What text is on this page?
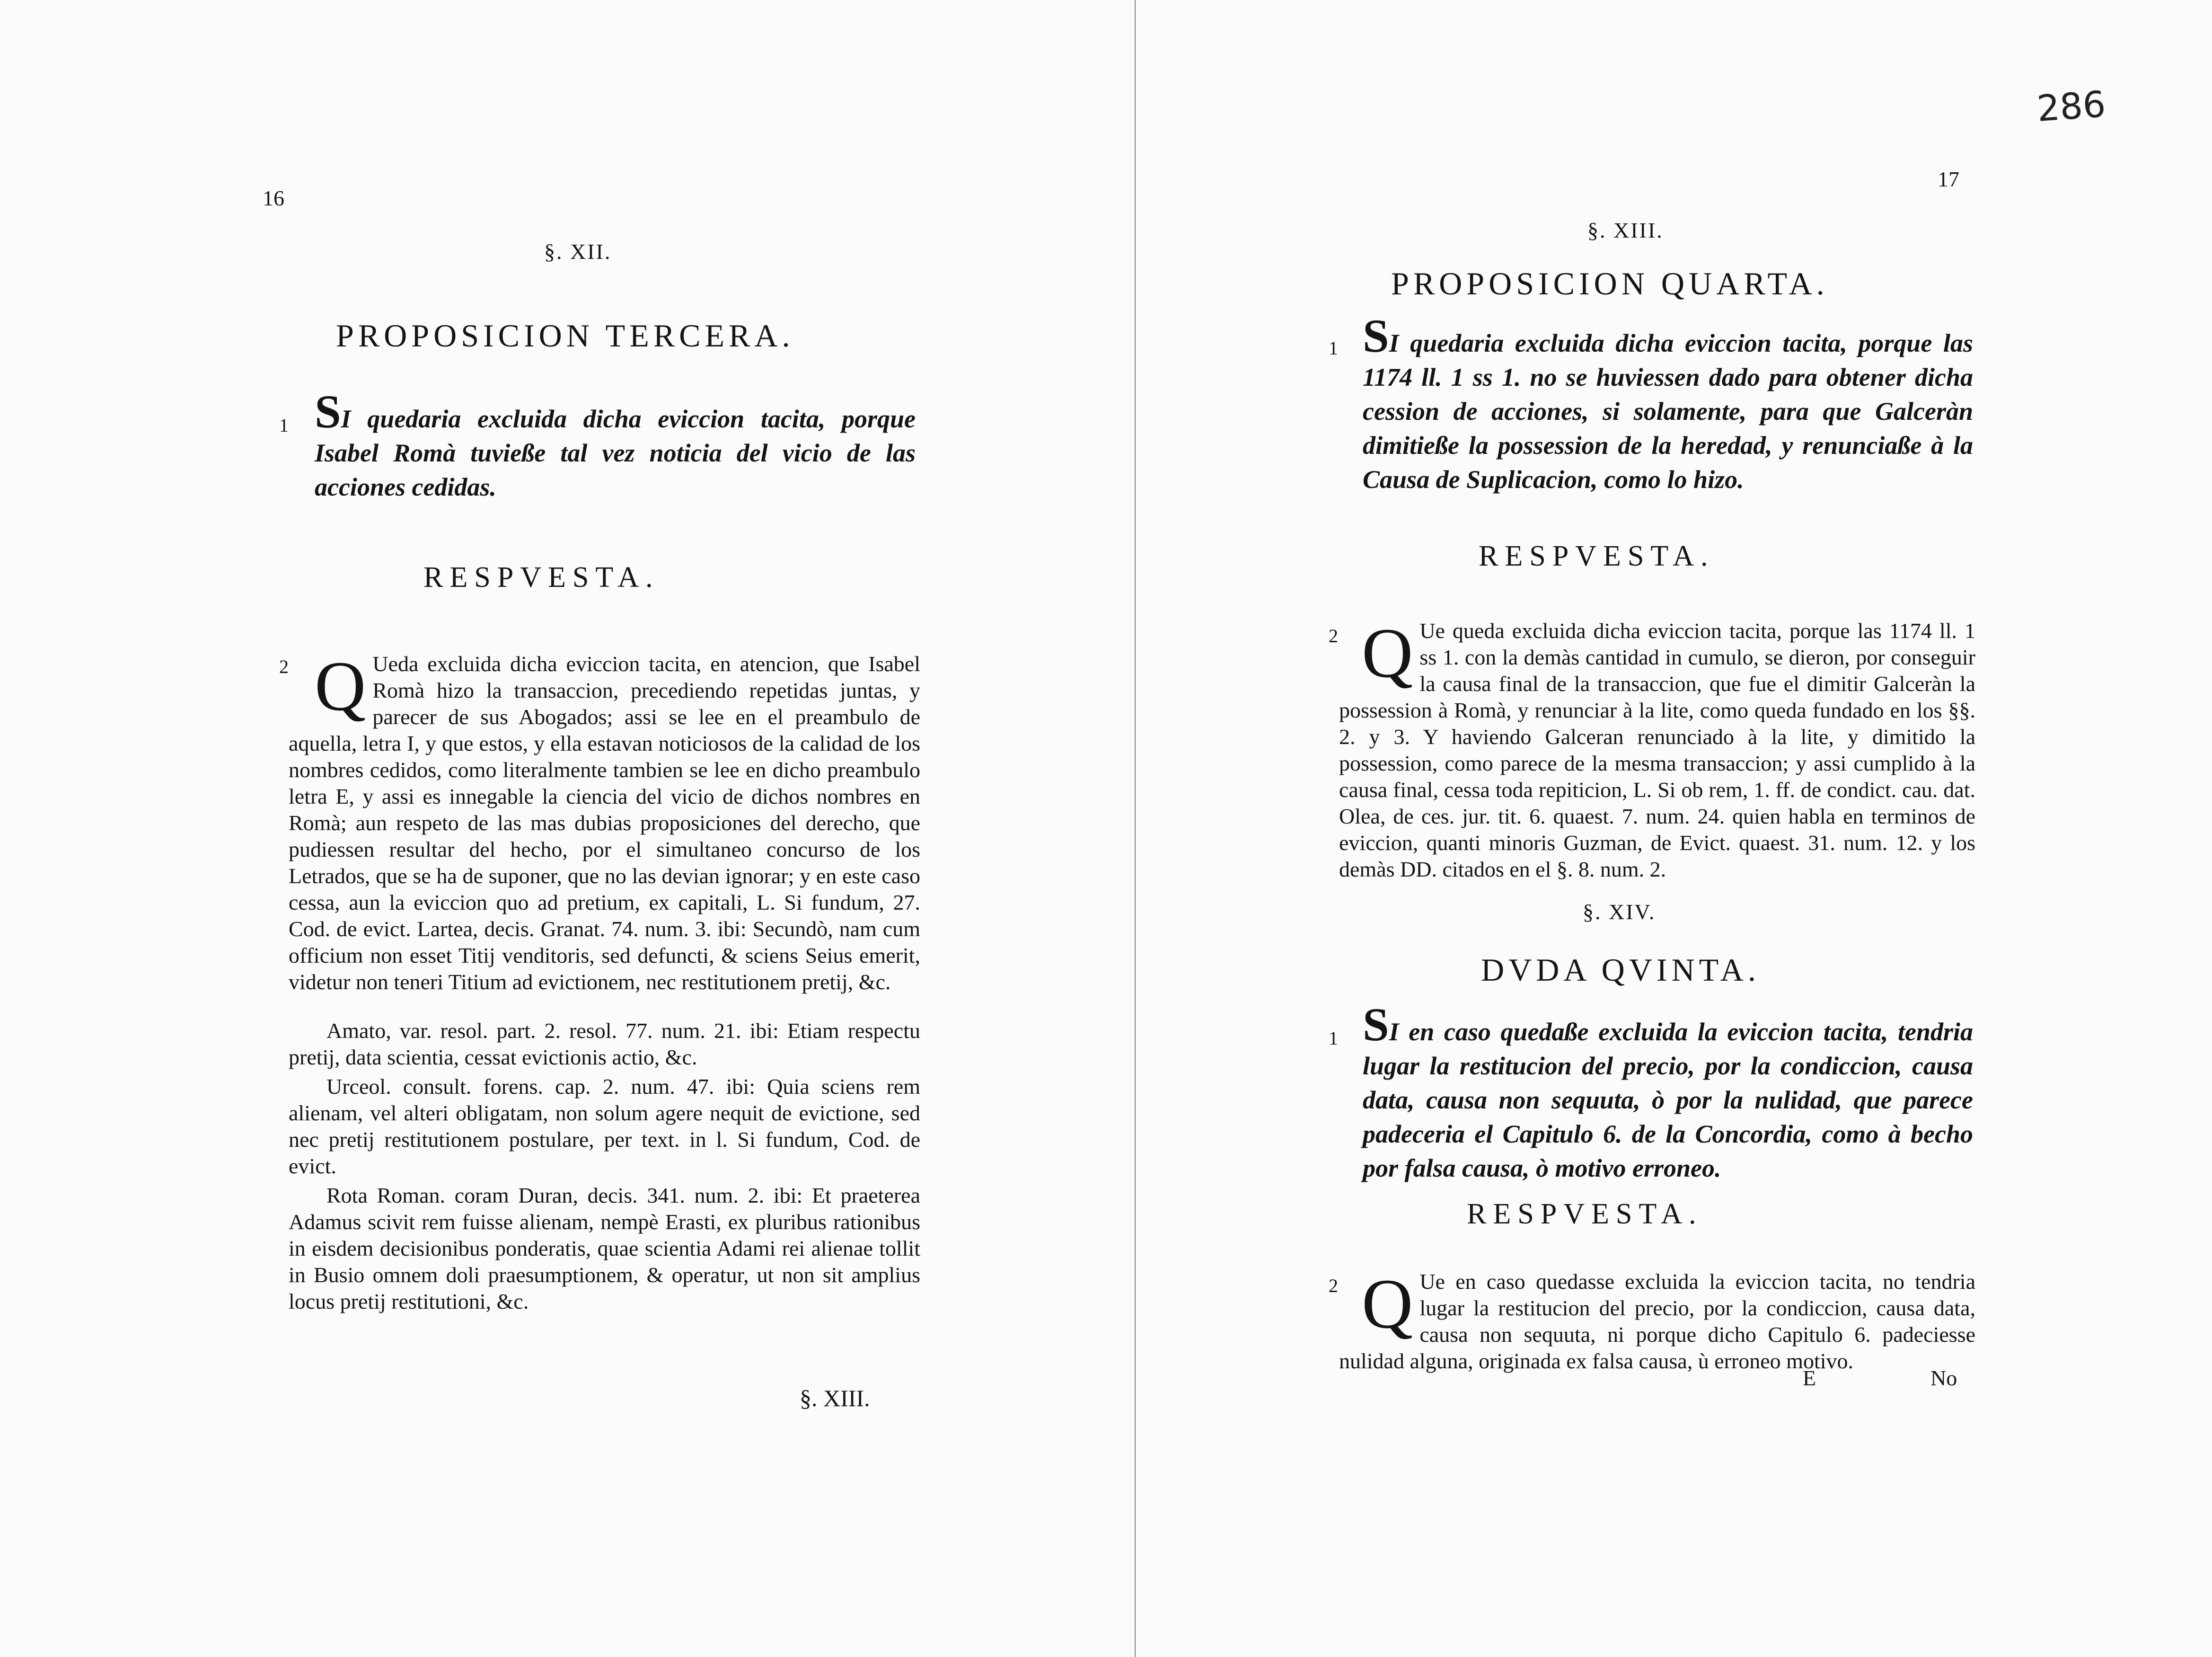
16
§. XII.
PROPOSICION TERCERA.
1 SI quedaria excluida dicha eviccion tacita, porque Isabel Romà tuvieße tal vez noticia del vicio de las acciones cedidas.
RESPVESTA.
2 Q Ueda excluida dicha eviccion tacita, en atencion, que Isabel Romà hizo la transaccion, precediendo repetidas juntas, y parecer de sus Abogados; assi se lee en el preambulo de aquella, letra I, y que estos, y ella estavan noticiosos de la calidad de los nombres cedidos, como literalmente tambien se lee en dicho preambulo letra E, y assi es innegable la ciencia del vicio de dichos nombres en Romà; aun respeto de las mas dubias proposiciones del derecho, que pudiessen resultar del hecho, por el simultaneo concurso de los Letrados, que se ha de suponer, que no las devian ignorar; y en este caso cessa, aun la eviccion quo ad pretium, ex capitali, L. Si fundum, 27. Cod. de evict. Lartea, decis. Granat. 74. num. 3. ibi: Secundò, nam cum officium non esset Titij venditoris, sed defuncti, & sciens Seius emerit, videtur non teneri Titium ad evictionem, nec restitutionem pretij, &c.

Amato, var. resol. part. 2. resol. 77. num. 21. ibi: Etiam respectu pretij, data scientia, cessat evictionis actio, &c.

Urceol. consult. forens. cap. 2. num. 47. ibi: Quia sciens rem alienam, vel alteri obligatam, non solum agere nequit de evictione, sed nec pretij restitutionem postulare, per text. in l. Si fundum, Cod. de evict.

Rota Roman. coram Duran, decis. 341. num. 2. ibi: Et praeterea Adamus scivit rem fuisse alienam, nempè Erasti, ex pluribus rationibus in eisdem decisionibus ponderatis, quae scientia Adami rei alienae tollit in Busio omnem doli praesumptionem, & operatur, ut non sit amplius locus pretij restitutioni, &c.

§. XIII.
286
17
§. XIII.
PROPOSICION QUARTA.
1 SI quedaria excluida dicha eviccion tacita, porque las 1174 ll. 1 ss 1. no se huviessen dado para obtener dicha cession de acciones, si solamente, para que Galceràn dimitieße la possession de la heredad, y renunciaße à la Causa de Suplicacion, como lo hizo.
RESPVESTA.
2 Q Ue queda excluida dicha eviccion tacita, porque las 1174 ll. 1 ss 1. con la demàs cantidad in cumulo, se dieron, por conseguir la causa final de la transaccion, que fue el dimitir Galceràn la possession à Romà, y renunciar à la lite, como queda fundado en los §§. 2. y 3. Y haviendo Galceran renunciado à la lite, y dimitido la possession, como parece de la mesma transaccion; y assi cumplido à la causa final, cessa toda repiticion, L. Si ob rem, 1. ff. de condict. cau. dat. Olea, de ces. jur. tit. 6. quaest. 7. num. 24. quien habla en terminos de eviccion, quanti minoris Guzman, de Evict. quaest. 31. num. 12. y los demàs DD. citados en el §. 8. num. 2.
§. XIV.
DVDA QVINTA.
1 SI en caso quedaße excluida la eviccion tacita, tendria lugar la restitucion del precio, por la condiccion, causa data, causa non sequuta, ò por la nulidad, que parece padeceria el Capitulo 6. de la Concordia, como à becho por falsa causa, ò motivo erroneo.
RESPVESTA.
2 Q Ue en caso quedasse excluida la eviccion tacita, no tendria lugar la restitucion del precio, por la condiccion, causa data, causa non sequuta, ni porque dicho Capitulo 6. padeciesse nulidad alguna, originada ex falsa causa, ù erroneo motivo.
E	No
